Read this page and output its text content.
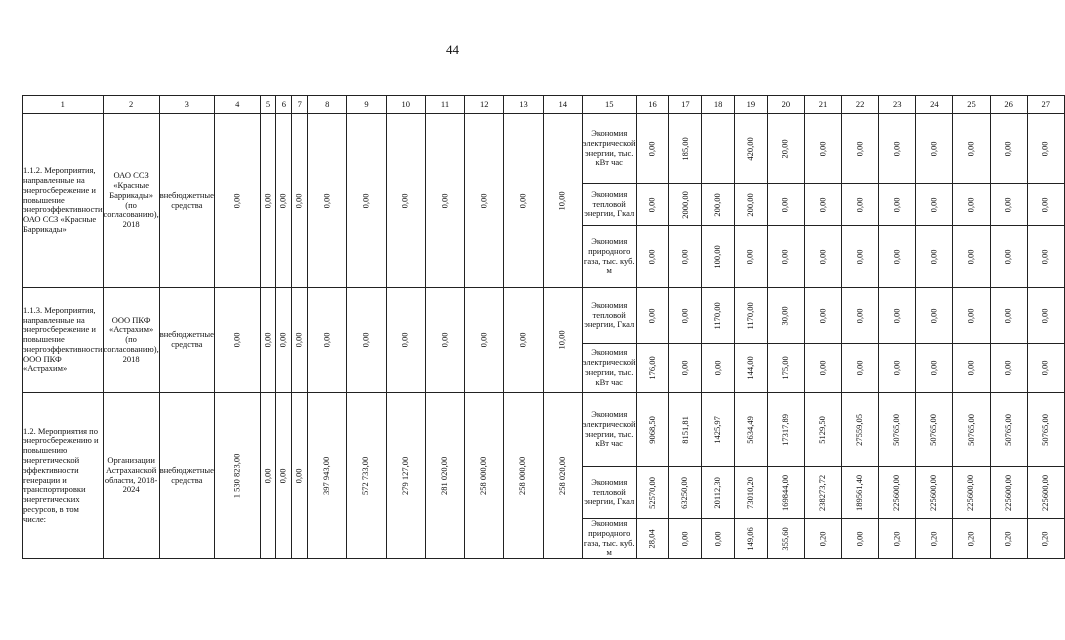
44
1	2	3	4	5	6	7	8	9	10	11	12	13	14	15	16	17	18	19	20	21	22	23	24	25	26	27
1.1.2. Мероприятия, направленные на энергосбережение и повышение энергоэффективности ОАО ССЗ «Красные Баррикады»	ОАО ССЗ «Красные Баррикады» (по согласованию), 2018	внебюджетные средства	0,00	0,00	0,00	0,00	0,00	0,00	0,00	0,00	0,00	0,00	10,00	Экономия электрической энергии, тыс. кВт час	0,00	185,00		420,00	20,00	0,00	0,00	0,00	0,00	0,00	0,00	0,00
														Экономия тепловой энергии, Гкал	0,00	2000,00	200,00	200,00	0,00	0,00	0,00	0,00	0,00	0,00	0,00	0,00
														Экономия природного газа, тыс. куб. м	0,00	0,00	100,00	0,00	0,00	0,00	0,00	0,00	0,00	0,00	0,00	0,00
1.1.3. Мероприятия, направленные на энергосбережение и повышение энергоэффективности ООО ПКФ «Астрахим»	ООО ПКФ «Астрахим» (по согласованию), 2018	внебюджетные средства	0,00	0,00	0,00	0,00	0,00	0,00	0,00	0,00	0,00	0,00	10,00	Экономия тепловой энергии, Гкал	0,00	0,00	1170,00	1170,00	30,00	0,00	0,00	0,00	0,00	0,00	0,00	0,00
														Экономия электрической энергии, тыс. кВт час	176,00	0,00	0,00	144,00	175,00	0,00	0,00	0,00	0,00	0,00	0,00	0,00
1.2. Мероприятия по энергосбережению и повышению энергетической эффективности генерации и транспортировки энергетических ресурсов, в том числе:	Организации Астраханской области, 2018-2024	внебюджетные средства	1 530 823,00	0,00	0,00	0,00	397 943,00	572 733,00	279 127,00	281 020,00	258 000,00	258 000,00	258 020,00	Экономия электрической энергии, тыс. кВт час	9068,50	8151,81	1425,97	5634,49	17317,89	5129,50	27559,05	50765,00	50765,00	50765,00	50765,00	50765,00
														Экономия тепловой энергии, Гкал	52570,00	63250,00	20112,30	73010,20	169844,00	238273,72	189561,40	225600,00	225600,00	225600,00	225600,00	225600,00
														Экономия природного газа, тыс. куб. м	28,04	0,00	0,00	149,06	355,60	0,20	0,00	0,20	0,20	0,20	0,20	0,20
